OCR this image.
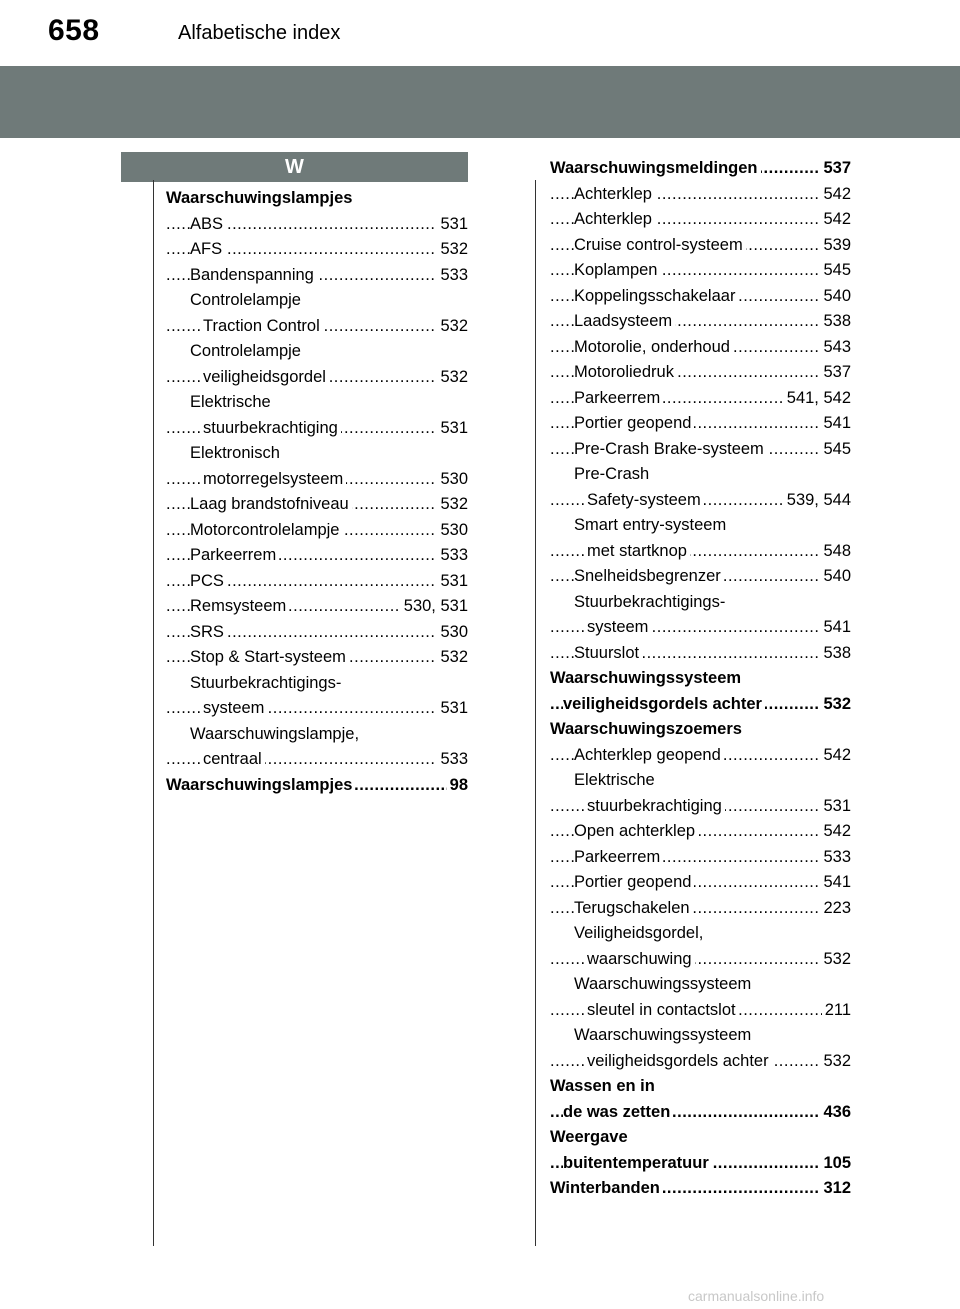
658	Alfabetische index
W
Waarschuwingslampjes
ABS .....	531
AFS .....	532
Bandenspanning .....	533
Controlelampje
Traction Control .....	532
Controlelampje
veiligheidsgordel .....	532
Elektrische
stuurbekrachtiging .....	531
Elektronisch
motorregelsysteem .....	530
Laag brandstofniveau .....	532
Motorcontrolelampje .....	530
Parkeerrem .....	533
PCS .....	531
Remsysteem .....	530, 531
SRS .....	530
Stop & Start-systeem .....	532
Stuurbekrachtigings-
systeem .....	531
Waarschuwingslampje,
centraal .....	533
Waarschuwingslampjes .....	98
Waarschuwingsmeldingen .....	537
Achterklep .....	542
Achterklep .....	542
Cruise control-systeem .....	539
Koplampen .....	545
Koppelingsschakelaar .....	540
Laadsysteem .....	538
Motorolie, onderhoud .....	543
Motoroliedruk .....	537
Parkeerrem .....	541, 542
Portier geopend .....	541
Pre-Crash Brake-systeem .....	545
Pre-Crash
Safety-systeem .....	539, 544
Smart entry-systeem
met startknop .....	548
Snelheidsbegrenzer .....	540
Stuurbekrachtigings-
systeem .....	541
Stuurslot .....	538
Waarschuwingssysteem
veiligheidsgordels achter .....	532
Waarschuwingszoemers
Achterklep geopend .....	542
Elektrische
stuurbekrachtiging .....	531
Open achterklep .....	542
Parkeerrem .....	533
Portier geopend .....	541
Terugschakelen .....	223
Veiligheidsgordel,
waarschuwing .....	532
Waarschuwingssysteem
sleutel in contactslot .....	211
Waarschuwingssysteem
veiligheidsgordels achter .....	532
Wassen en in
de was zetten .....	436
Weergave
buitentemperatuur .....	105
Winterbanden .....	312
carmanualsonline.info
